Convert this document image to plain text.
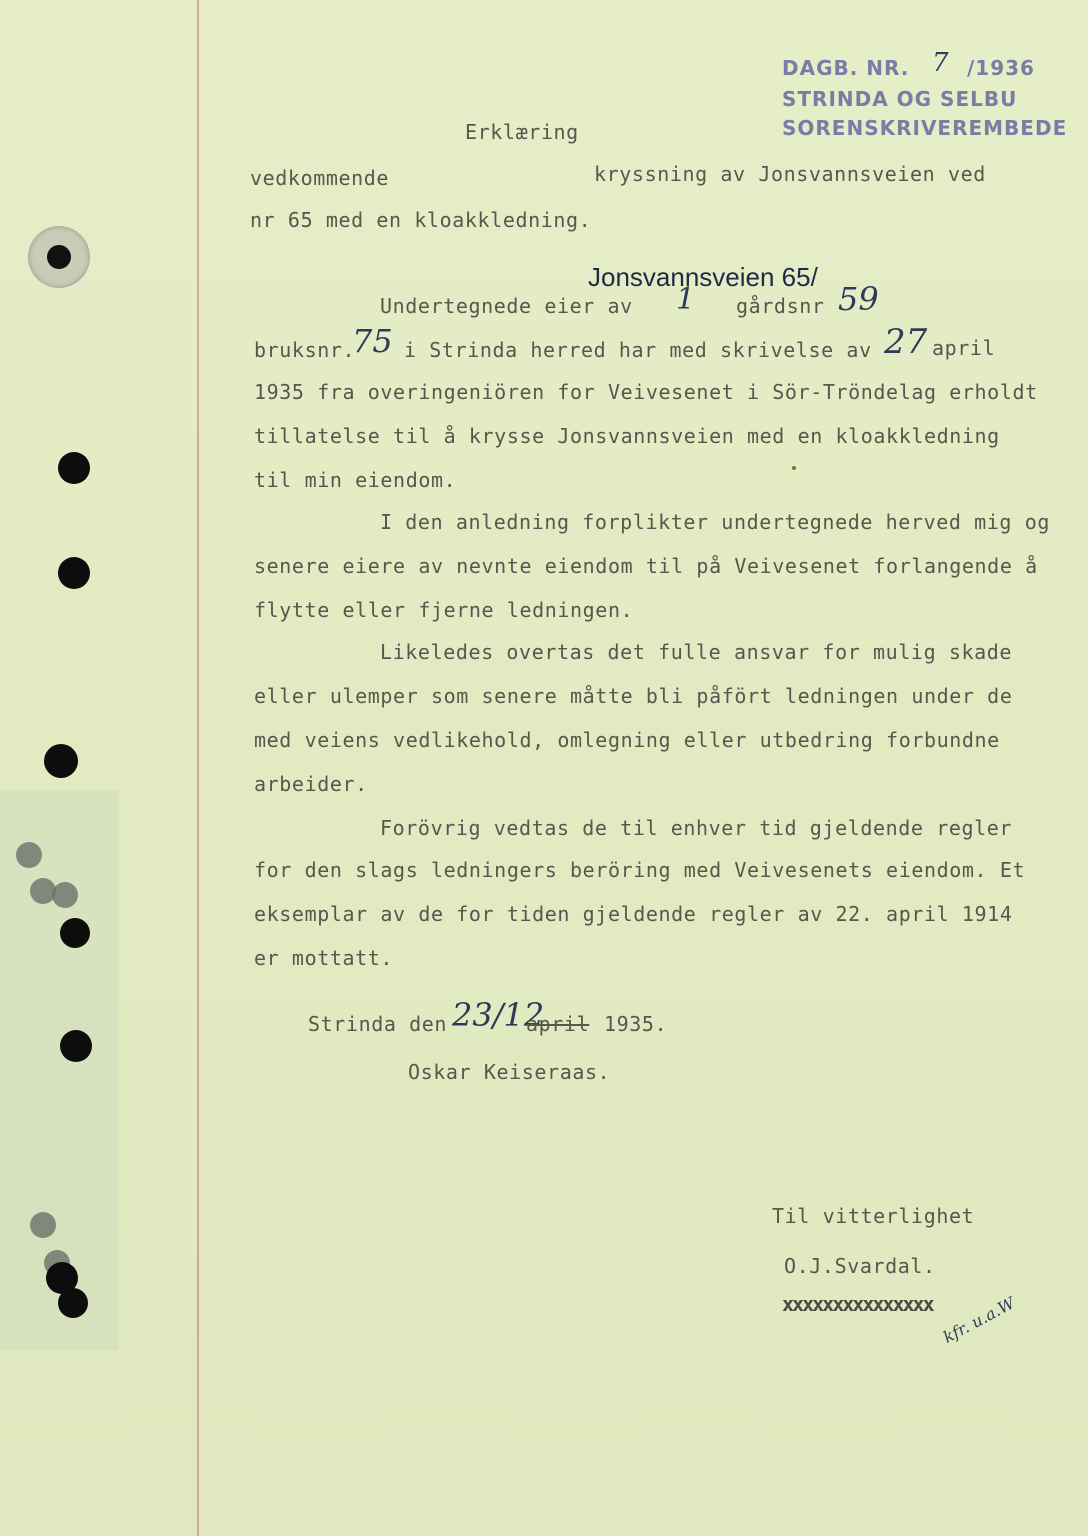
DAGB. NR. 7 /1936
STRINDA OG SELBU
SORENSKRIVEREMBEDE
Erklæring
vedkommende	kryssning av Jonsvannsveien ved
nr 65 med en kloakkledning.
Jonsvannsveien 65/
Undertegnede eier av 1 gårdsnr 59
bruksnr.
75 i Strinda herred har med skrivelse av 27 april
1935 fra overingeniören for Veivesenet i Sör-Tröndelag erholdt
tillatelse til å krysse Jonsvannsveien med en kloakkledning
til min eiendom.
I den anledning forplikter undertegnede herved mig og
senere eiere av nevnte eiendom til på Veivesenet forlangende å
flytte eller fjerne ledningen.
Likeledes overtas det fulle ansvar for mulig skade
eller ulemper som senere måtte bli påfört ledningen under de
med veiens vedlikehold, omlegning eller utbedring forbundne
arbeider.
Forövrig vedtas de til enhver tid gjeldende regler
for den slags ledningers beröring med Veivesenets eiendom. Et
eksemplar av de for tiden gjeldende regler av 22. april 1914
er mottatt.
Strinda den 23/12
april 1935.
Oskar Keiseraas.
Til vitterlighet
O.J.Svardal.
xxxxxxxxxxxxxxx kfr. u.a.W
